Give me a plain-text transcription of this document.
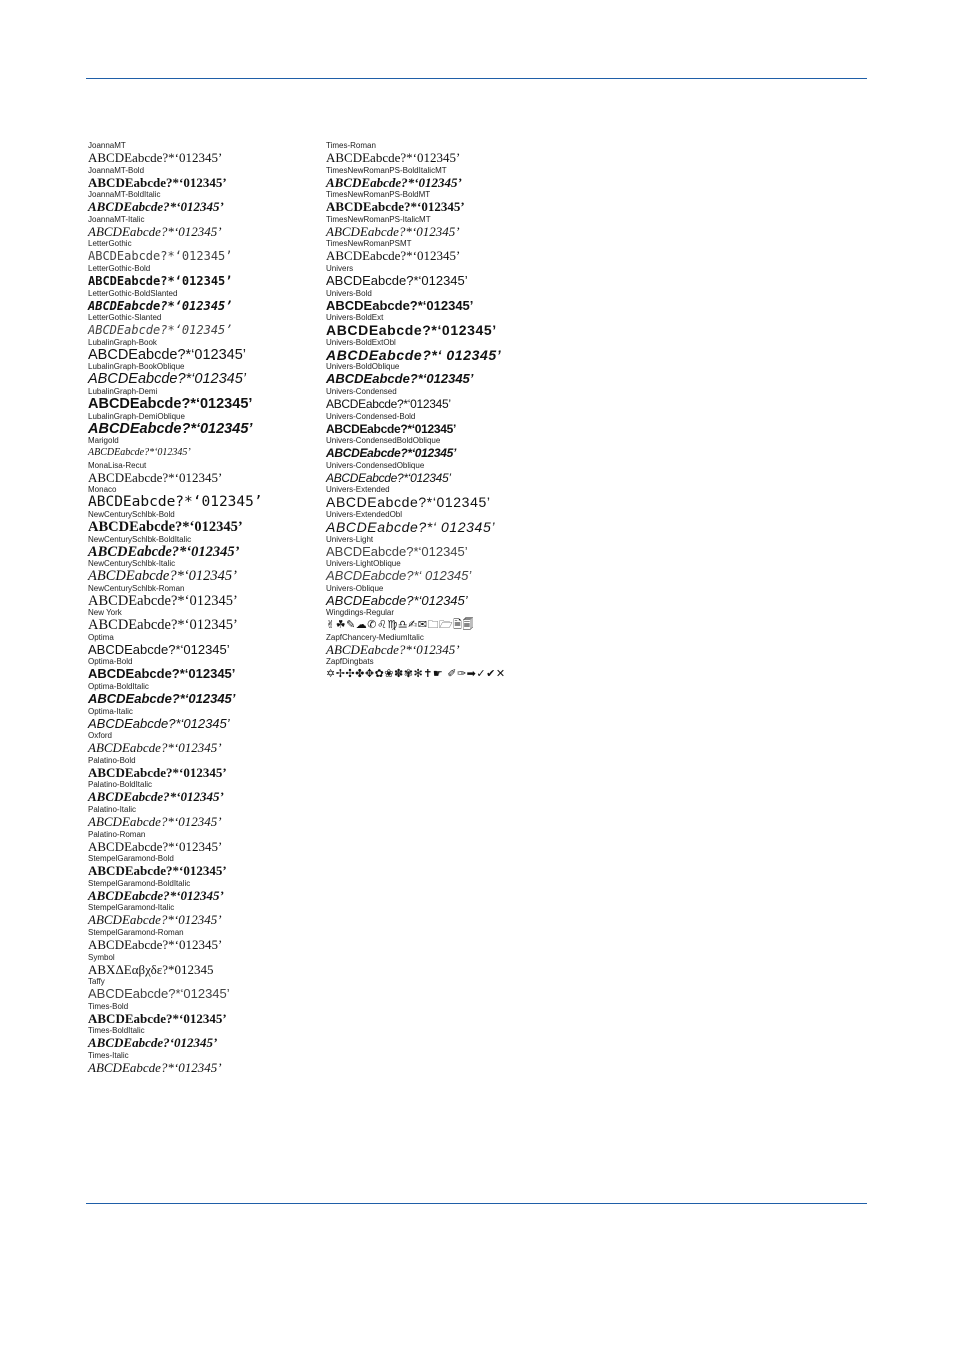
JoannaMT
ABCDEabcde?*‘012345’
JoannaMT-Bold
ABCDEabcde?*‘012345’
JoannaMT-BoldItalic
ABCDEabcde?*‘012345’
JoannaMT-Italic
ABCDEabcde?*‘012345’
LetterGothic
ABCDEabcde?*‘012345’
LetterGothic-Bold
ABCDEabcde?*‘012345’
LetterGothic-BoldSlanted
ABCDEabcde?*‘012345’
LetterGothic-Slanted
ABCDEabcde?*‘012345’
LubalinGraph-Book
ABCDEabcde?*‘012345’
LubalinGraph-BookOblique
ABCDEabcde?*‘012345’
LubalinGraph-Demi
ABCDEabcde?*‘012345’
LubalinGraph-DemiOblique
ABCDEabcde?*‘012345’
Marigold
ABCDEabcde?*‘012345’
MonaLisa-Recut
ABCDEabcde?*‘012345’
Monaco
ABCDEabcde?*‘012345’
NewCenturySchlbk-Bold
ABCDEabcde?*‘012345’
NewCenturySchlbk-BoldItalic
ABCDEabcde?*‘012345’
NewCenturySchlbk-Italic
ABCDEabcde?*‘012345’
NewCenturySchlbk-Roman
ABCDEabcde?*‘012345’
New York
ABCDEabcde?*‘012345’
Optima
ABCDEabcde?*‘012345’
Optima-Bold
ABCDEabcde?*‘012345’
Optima-BoldItalic
ABCDEabcde?*‘012345’
Optima-Italic
ABCDEabcde?*‘012345’
Oxford
ABCDEabcde?*‘012345’
Palatino-Bold
ABCDEabcde?*‘012345’
Palatino-BoldItalic
ABCDEabcde?*‘012345’
Palatino-Italic
ABCDEabcde?*‘012345’
Palatino-Roman
ABCDEabcde?*‘012345’
StempelGaramond-Bold
ABCDEabcde?*‘012345’
StempelGaramond-BoldItalic
ABCDEabcde?*‘012345’
StempelGaramond-Italic
ABCDEabcde?*‘012345’
StempelGaramond-Roman
ABCDEabcde?*‘012345’
Symbol
ΑΒΧΔΕαβχδε?*012345
Taffy
ABCDEabcde?*‘012345’
Times-Bold
ABCDEabcde?*‘012345’
Times-BoldItalic
ABCDEabcde?‘012345’
Times-Italic
ABCDEabcde?*‘012345’
Times-Roman
ABCDEabcde?*‘012345’
TimesNewRomanPS-BoldItalicMT
ABCDEabcde?*‘012345’
TimesNewRomanPS-BoldMT
ABCDEabcde?*‘012345’
TimesNewRomanPS-ItalicMT
ABCDEabcde?*‘012345’
TimesNewRomanPSMT
ABCDEabcde?*‘012345’
Univers
ABCDEabcde?*‘012345’
Univers-Bold
ABCDEabcde?*‘012345’
Univers-BoldExt
ABCDEabcde?*‘012345’
Univers-BoldExtObl
ABCDEabcde?*‘ 012345’
Univers-BoldOblique
ABCDEabcde?*‘012345’
Univers-Condensed
ABCDEabcde?*‘012345’
Univers-Condensed-Bold
ABCDEabcde?*‘012345’
Univers-CondensedBoldOblique
ABCDEabcde?*‘012345’
Univers-CondensedOblique
ABCDEabcde?*‘012345’
Univers-Extended
ABCDEabcde?*‘012345’
Univers-ExtendedObl
ABCDEabcde?*‘ 012345’
Univers-Light
ABCDEabcde?*‘012345’
Univers-LightOblique
ABCDEabcde?*‘ 012345’
Univers-Oblique
ABCDEabcde?*‘012345’
Wingdings-Regular
✌☘✎☁✆♌♍♎✍✉🗀🗁🗎🗐
ZapfChancery-MediumItalic
ABCDEabcde?*‘012345’
ZapfDingbats
✡✢✣✤✥✿❀✽✾✻✝☛ ✐✑➡✓✔✕
